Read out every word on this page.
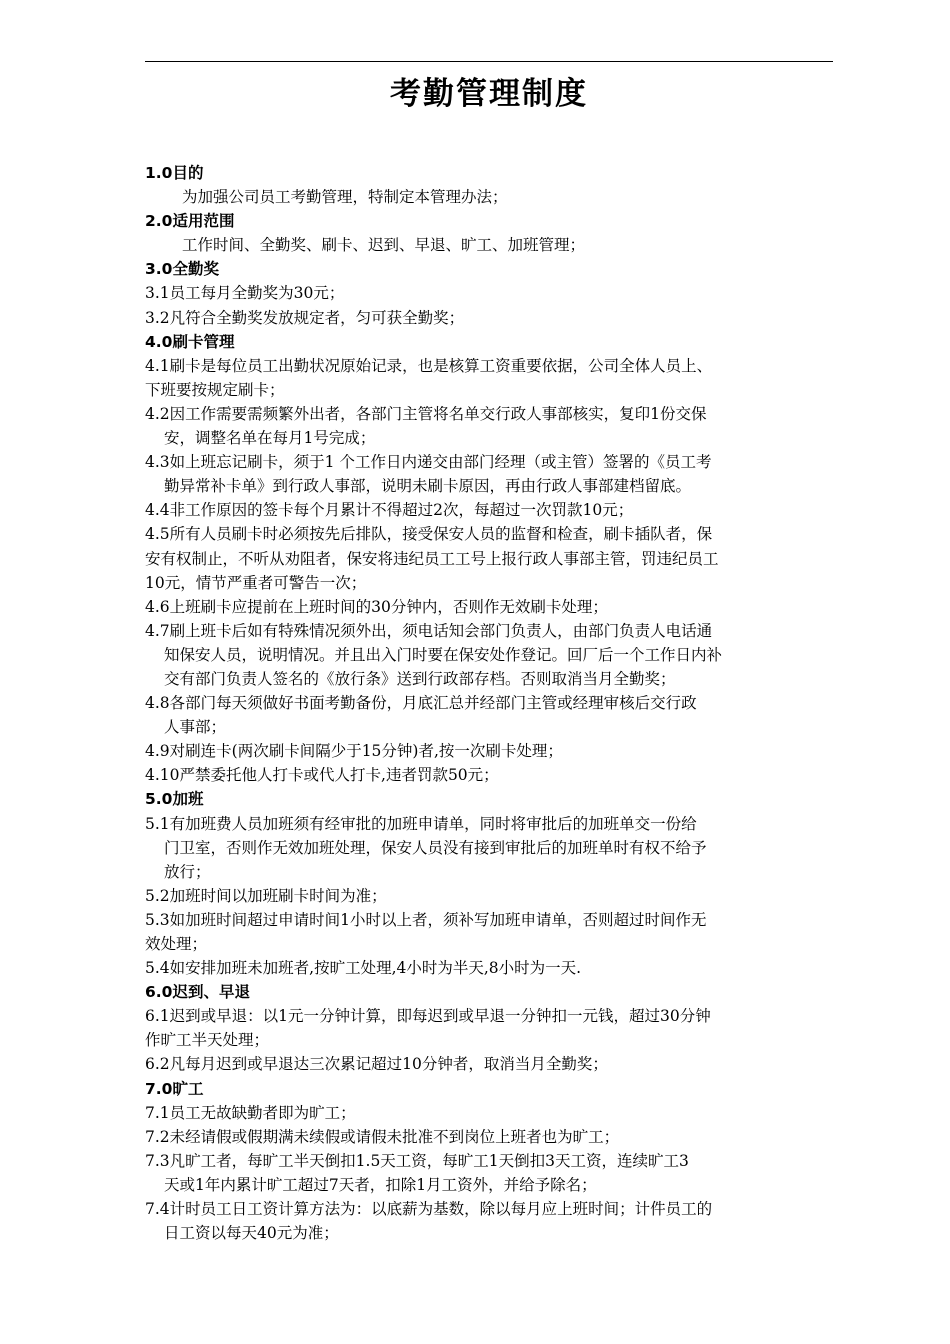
考勤管理制度
1.0目的
为加强公司员工考勤管理，特制定本管理办法；
2.0适用范围
工作时间、全勤奖、刷卡、迟到、早退、旷工、加班管理；
3.0全勤奖
3.1员工每月全勤奖为30元；
3.2凡符合全勤奖发放规定者，匀可获全勤奖；
4.0刷卡管理
4.1刷卡是每位员工出勤状况原始记录，也是核算工资重要依据，公司全体人员上、
下班要按规定刷卡；
4.2因工作需要需频繁外出者，各部门主管将名单交行政人事部核实，复印1份交保
安，调整名单在每月1号完成；
4.3如上班忘记刷卡，须于1 个工作日内递交由部门经理（或主管）签署的《员工考
勤异常补卡单》到行政人事部，说明未刷卡原因，再由行政人事部建档留底。
4.4非工作原因的签卡每个月累计不得超过2次，每超过一次罚款10元；
4.5所有人员刷卡时必须按先后排队，接受保安人员的监督和检查，刷卡插队者，保
安有权制止，不听从劝阻者，保安将违纪员工工号上报行政人事部主管，罚违纪员工
10元，情节严重者可警告一次；
4.6上班刷卡应提前在上班时间的30分钟内，否则作无效刷卡处理；
4.7刷上班卡后如有特殊情况须外出，须电话知会部门负责人，由部门负责人电话通
知保安人员，说明情况。并且出入门时要在保安处作登记。回厂后一个工作日内补
交有部门负责人签名的《放行条》送到行政部存档。否则取消当月全勤奖；
4.8各部门每天须做好书面考勤备份，月底汇总并经部门主管或经理审核后交行政
人事部；
4.9对刷连卡(两次刷卡间隔少于15分钟)者,按一次刷卡处理；
4.10严禁委托他人打卡或代人打卡,违者罚款50元；
5.0加班
5.1有加班费人员加班须有经审批的加班申请单，同时将审批后的加班单交一份给
门卫室，否则作无效加班处理，保安人员没有接到审批后的加班单时有权不给予
放行；
5.2加班时间以加班刷卡时间为准；
5.3如加班时间超过申请时间1小时以上者，须补写加班申请单，否则超过时间作无
效处理；
5.4如安排加班未加班者,按旷工处理,4小时为半天,8小时为一天.
6.0迟到、早退
6.1迟到或早退：以1元一分钟计算，即每迟到或早退一分钟扣一元钱，超过30分钟
作旷工半天处理；
6.2凡每月迟到或早退达三次累记超过10分钟者，取消当月全勤奖；
7.0旷工
7.1员工无故缺勤者即为旷工；
7.2未经请假或假期满未续假或请假未批准不到岗位上班者也为旷工；
7.3凡旷工者，每旷工半天倒扣1.5天工资，每旷工1天倒扣3天工资，连续旷工3
天或1年内累计旷工超过7天者，扣除1月工资外，并给予除名；
7.4计时员工日工资计算方法为：以底薪为基数，除以每月应上班时间；计件员工的
日工资以每天40元为准；
